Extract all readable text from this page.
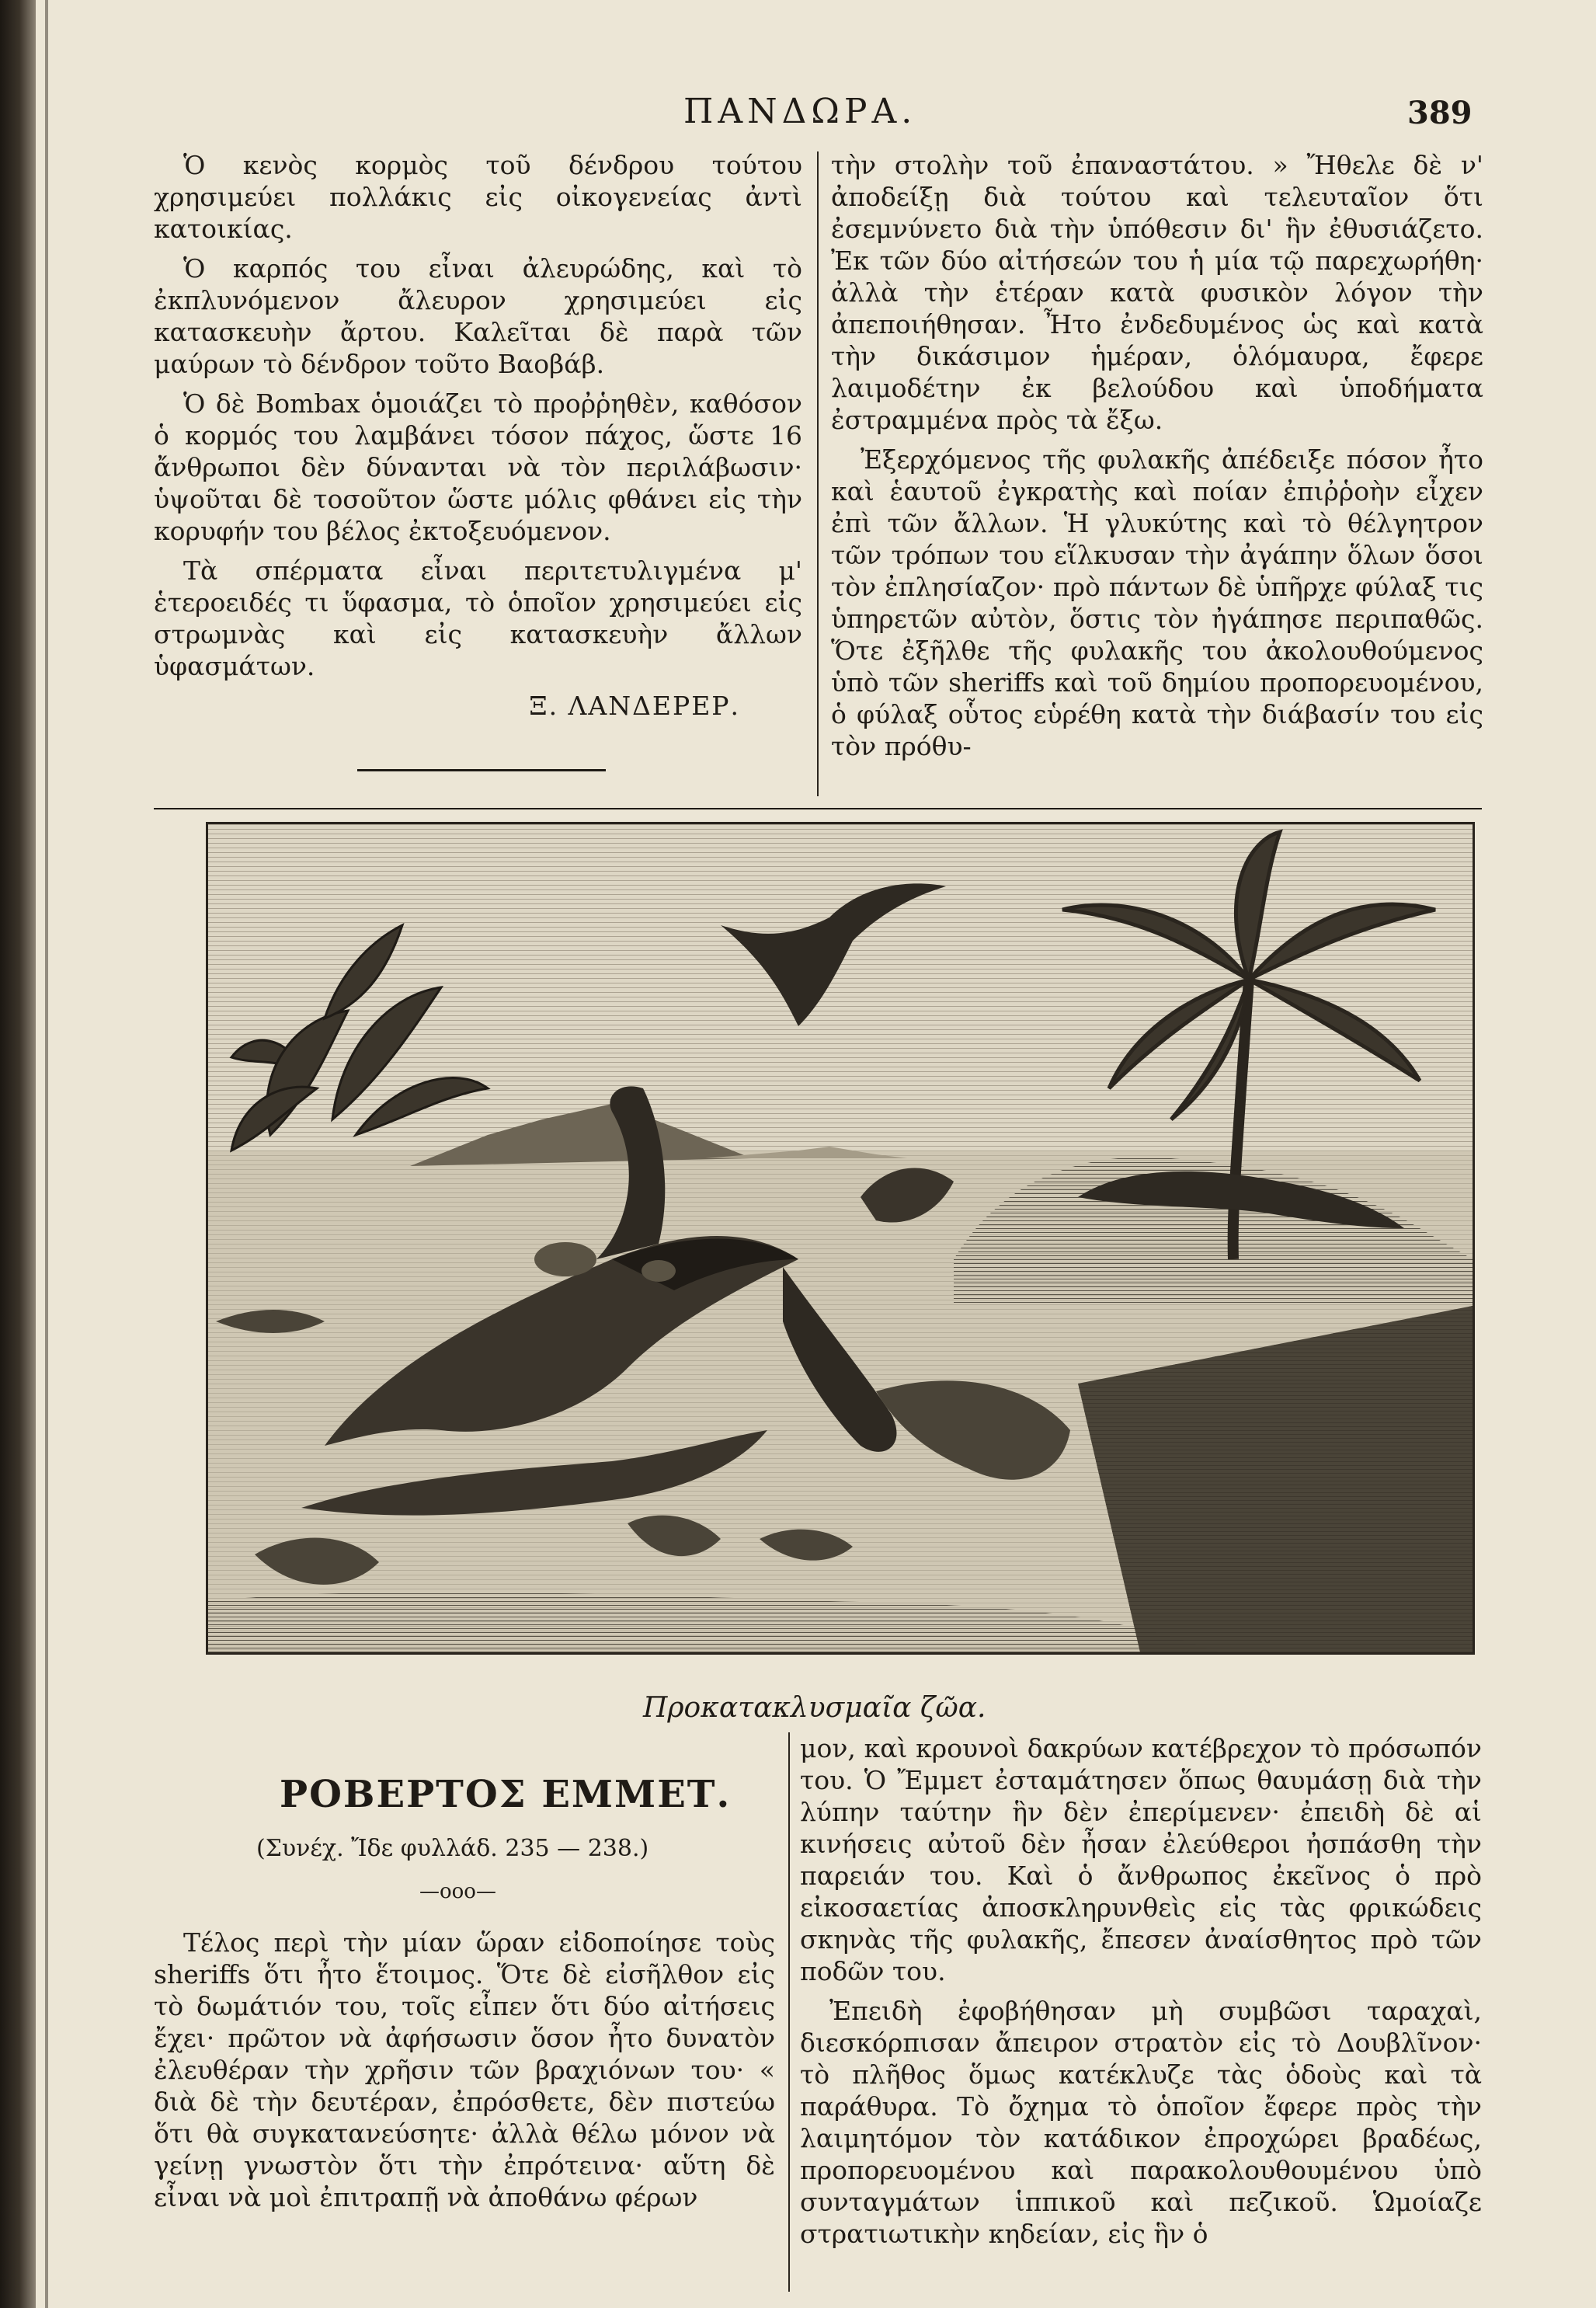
ΠΑΝΔΩΡΑ.	389

Ὁ κενὸς κορμὸς τοῦ δένδρου τούτου χρησιμεύει πολλάκις εἰς οἰκογενείας ἀντὶ κατοικίας.

Ὁ καρπός του εἶναι ἀλευρώδης, καὶ τὸ ἐκπλυνόμενον ἄλευρον χρησιμεύει εἰς κατασκευὴν ἄρτου. Καλεῖται δὲ παρὰ τῶν μαύρων τὸ δένδρον τοῦτο Βαοβάβ.

Ὁ δὲ Bombax ὁμοιάζει τὸ προῤῥηθὲν, καθόσον ὁ κορμός του λαμβάνει τόσον πάχος, ὥστε 16 ἄνθρωποι δὲν δύνανται νὰ τὸν περιλάβωσιν· ὑψοῦται δὲ τοσοῦτον ὥστε μόλις φθάνει εἰς τὴν κορυφήν του βέλος ἐκτοξευόμενον.

Τὰ σπέρματα εἶναι περιτετυλιγμένα μ' ἑτεροειδές τι ὕφασμα, τὸ ὁποῖον χρησιμεύει εἰς στρωμνὰς καὶ εἰς κατασκευὴν ἄλλων ὑφασμάτων.

Ξ. ΛΑΝΔΕΡΕΡ.

τὴν στολὴν τοῦ ἐπαναστάτου. » Ἤθελε δὲ ν' ἀποδείξῃ διὰ τούτου καὶ τελευταῖον ὅτι ἐσεμνύνετο διὰ τὴν ὑπόθεσιν δι' ἣν ἐθυσιάζετο. Ἐκ τῶν δύο αἰτήσεών του ἡ μία τῷ παρεχωρήθη· ἀλλὰ τὴν ἑτέραν κατὰ φυσικὸν λόγον τὴν ἀπεποιήθησαν. Ἦτο ἐνδεδυμένος ὡς καὶ κατὰ τὴν δικάσιμον ἡμέραν, ὁλόμαυρα, ἔφερε λαιμοδέτην ἐκ βελούδου καὶ ὑποδήματα ἐστραμμένα πρὸς τὰ ἔξω.

Ἐξερχόμενος τῆς φυλακῆς ἀπέδειξε πόσον ἦτο καὶ ἑαυτοῦ ἐγκρατὴς καὶ ποίαν ἐπιῤῥοὴν εἶχεν ἐπὶ τῶν ἄλλων. Ἡ γλυκύτης καὶ τὸ θέλγητρον τῶν τρόπων του εἵλκυσαν τὴν ἀγάπην ὅλων ὅσοι τὸν ἐπλησίαζον· πρὸ πάντων δὲ ὑπῆρχε φύλαξ τις ὑπηρετῶν αὐτὸν, ὅστις τὸν ἠγάπησε περιπαθῶς. Ὅτε ἐξῆλθε τῆς φυλακῆς του ἀκολουθούμενος ὑπὸ τῶν sheriffs καὶ τοῦ δημίου προπορευομένου, ὁ φύλαξ οὗτος εὑρέθη κατὰ τὴν διάβασίν του εἰς τὸν πρόθυ-

Προκατακλυσμαῖα ζῶα.
ΡΟΒΕΡΤΟΣ ΕΜΜΕΤ.
(Συνέχ. Ἴδε φυλλάδ. 235 — 238.)
—ooo—

Τέλος περὶ τὴν μίαν ὥραν εἰδοποίησε τοὺς sheriffs ὅτι ἦτο ἕτοιμος. Ὅτε δὲ εἰσῆλθον εἰς τὸ δωμάτιόν του, τοῖς εἶπεν ὅτι δύο αἰτήσεις ἔχει· πρῶτον νὰ ἀφήσωσιν ὅσον ἦτο δυνατὸν ἐλευθέραν τὴν χρῆσιν τῶν βραχιόνων του· « διὰ δὲ τὴν δευτέραν, ἐπρόσθετε, δὲν πιστεύω ὅτι θὰ συγκατανεύσητε· ἀλλὰ θέλω μόνον νὰ γείνῃ γνωστὸν ὅτι τὴν ἐπρότεινα· αὕτη δὲ εἶναι νὰ μοὶ ἐπιτραπῇ νὰ ἀποθάνω φέρων

μον, καὶ κρουνοὶ δακρύων κατέβρεχον τὸ πρόσωπόν του. Ὁ Ἔμμετ ἐσταμάτησεν ὅπως θαυμάσῃ διὰ τὴν λύπην ταύτην ἣν δὲν ἐπερίμενεν· ἐπειδὴ δὲ αἱ κινήσεις αὐτοῦ δὲν ἦσαν ἐλεύθεροι ἠσπάσθη τὴν παρειάν του. Καὶ ὁ ἄνθρωπος ἐκεῖνος ὁ πρὸ εἰκοσαετίας ἀποσκληρυνθεὶς εἰς τὰς φρικώδεις σκηνὰς τῆς φυλακῆς, ἔπεσεν ἀναίσθητος πρὸ τῶν ποδῶν του.

Ἐπειδὴ ἐφοβήθησαν μὴ συμβῶσι ταραχαὶ, διεσκόρπισαν ἄπειρον στρατὸν εἰς τὸ Δουβλῖνον· τὸ πλῆθος ὅμως κατέκλυζε τὰς ὁδοὺς καὶ τὰ παράθυρα. Τὸ ὄχημα τὸ ὁποῖον ἔφερε πρὸς τὴν λαιμητόμον τὸν κατάδικον ἐπροχώρει βραδέως, προπορευομένου καὶ παρακολουθουμένου ὑπὸ συνταγμάτων ἱππικοῦ καὶ πεζικοῦ. Ὡμοίαζε στρατιωτικὴν κηδείαν, εἰς ἣν ὁ
